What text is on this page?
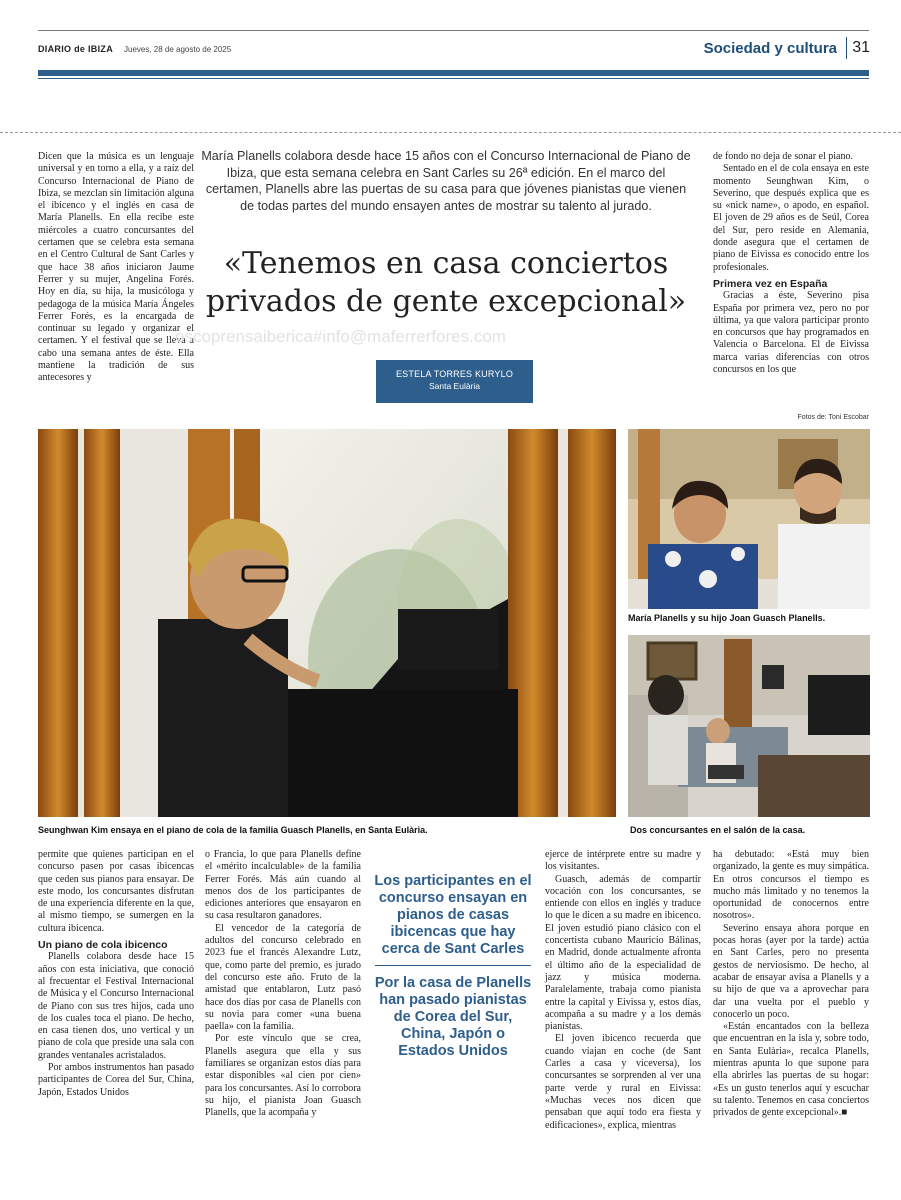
DIARIO de IBIZA Jueves, 28 de agosto de 2025	Sociedad y cultura 31

Dicen que la música es un lenguaje universal y en torno a ella, y a raíz del Concurso Internacional de Piano de Ibiza, se mezclan sin limitación alguna el ibicenco y el inglés en casa de María Planells. En ella recibe este miércoles a cuatro concursantes del certamen que se celebra esta semana en el Centro Cultural de Sant Carles y que hace 38 años iniciaron Jaume Ferrer y su mujer, Angelina Forés. Hoy en día, su hija, la musicóloga y pedagoga de la música María Ángeles Ferrer Forés, es la encargada de continuar su legado y organizar el certamen. Y el festival que se lleva a cabo una semana antes de éste. Ella mantiene la tradición de sus antecesores y

María Planells colabora desde hace 15 años con el Concurso Internacional de Piano de Ibiza, que esta semana celebra en Sant Carles su 26ª edición. En el marco del certamen, Planells abre las puertas de su casa para que jóvenes pianistas que vienen de todas partes del mundo ensayen antes de mostrar su talento al jurado.
«Tenemos en casa conciertos privados de gente excepcional»
oscoprensaiberica#info@maferrerfores.com
ESTELA TORRES KURYLO
Santa Eulària

de fondo no deja de sonar el piano.

Sentado en el de cola ensaya en este momento Seunghwan Kim, o Severino, que después explica que es su «nick name», o apodo, en español. El joven de 29 años es de Seúl, Corea del Sur, pero reside en Alemania, donde asegura que el certamen de piano de Eivissa es conocido entre los profesionales.

Primera vez en España

Gracias a éste, Severino pisa España por primera vez, pero no por última, ya que valora participar pronto en concursos que hay programados en Valencia o Barcelona. El de Eivissa marca varias diferencias con otros concursos en los que

Fotos de: Toni Escobar
Seunghwan Kim ensaya en el piano de cola de la familia Guasch Planells, en Santa Eulària.
María Planells y su hijo Joan Guasch Planells.
Dos concursantes en el salón de la casa.

permite que quienes participan en el concurso pasen por casas ibicencas que ceden sus pianos para ensayar. De este modo, los concursantes disfrutan de una experiencia diferente en la que, al mismo tiempo, se sumergen en la cultura ibicenca.

Un piano de cola ibicenco

Planells colabora desde hace 15 años con esta iniciativa, que conoció al frecuentar el Festival Internacional de Música y el Concurso Internacional de Piano con sus tres hijos, cada uno de los cuales toca el piano. De hecho, en casa tienen dos, uno vertical y un piano de cola que preside una sala con grandes ventanales acristalados.

Por ambos instrumentos han pasado participantes de Corea del Sur, China, Japón, Estados Unidos

o Francia, lo que para Planells define el «mérito incalculable» de la familia Ferrer Forés. Más aún cuando al menos dos de los participantes de ediciones anteriores que ensayaron en su casa resultaron ganadores.

El vencedor de la categoría de adultos del concurso celebrado en 2023 fue el francés Alexandre Lutz, que, como parte del premio, es jurado del concurso este año. Fruto de la amistad que entablaron, Lutz pasó hace dos días por casa de Planells con su novia para comer «una buena paella» con la familia.

Por este vínculo que se crea, Planells asegura que ella y sus familiares se organizan estos días para estar disponibles «al cien por cien» para los concursantes. Así lo corrobora su hijo, el pianista Joan Guasch Planells, que la acompaña y

Los participantes en el concurso ensayan en pianos de casas ibicencas que hay cerca de Sant Carles
Por la casa de Planells han pasado pianistas de Corea del Sur, China, Japón o Estados Unidos

ejerce de intérprete entre su madre y los visitantes.

Guasch, además de compartir vocación con los concursantes, se entiende con ellos en inglés y traduce lo que le dicen a su madre en ibicenco. El joven estudió piano clásico con el concertista cubano Mauricio Bálinas, en Madrid, donde actualmente afronta el último año de la especialidad de jazz y música moderna. Paralelamente, trabaja como pianista entre la capital y Eivissa y, estos días, acompaña a su madre y a los demás pianistas.

El joven ibicenco recuerda que cuando viajan en coche (de Sant Carles a casa y viceversa), los concursantes se sorprenden al ver una parte verde y rural en Eivissa: «Muchas veces nos dicen que pensaban que aquí todo era fiesta y edificaciones», explica, mientras

ha debutado: «Está muy bien organizado, la gente es muy simpática. En otros concursos el tiempo es mucho más limitado y no tenemos la oportunidad de conocernos entre nosotros».

Severino ensaya ahora porque en pocas horas (ayer por la tarde) actúa en Sant Carles, pero no presenta gestos de nerviosismo. De hecho, al acabar de ensayar avisa a Planells y a su hijo de que va a aprovechar para dar una vuelta por el pueblo y conocerlo un poco.

«Están encantados con la belleza que encuentran en la isla y, sobre todo, en Santa Eulària», recalca Planells, mientras apunta lo que supone para ella abrirles las puertas de su hogar: «Es un gusto tenerlos aquí y escuchar su talento. Tenemos en casa conciertos privados de gente excepcional».■
